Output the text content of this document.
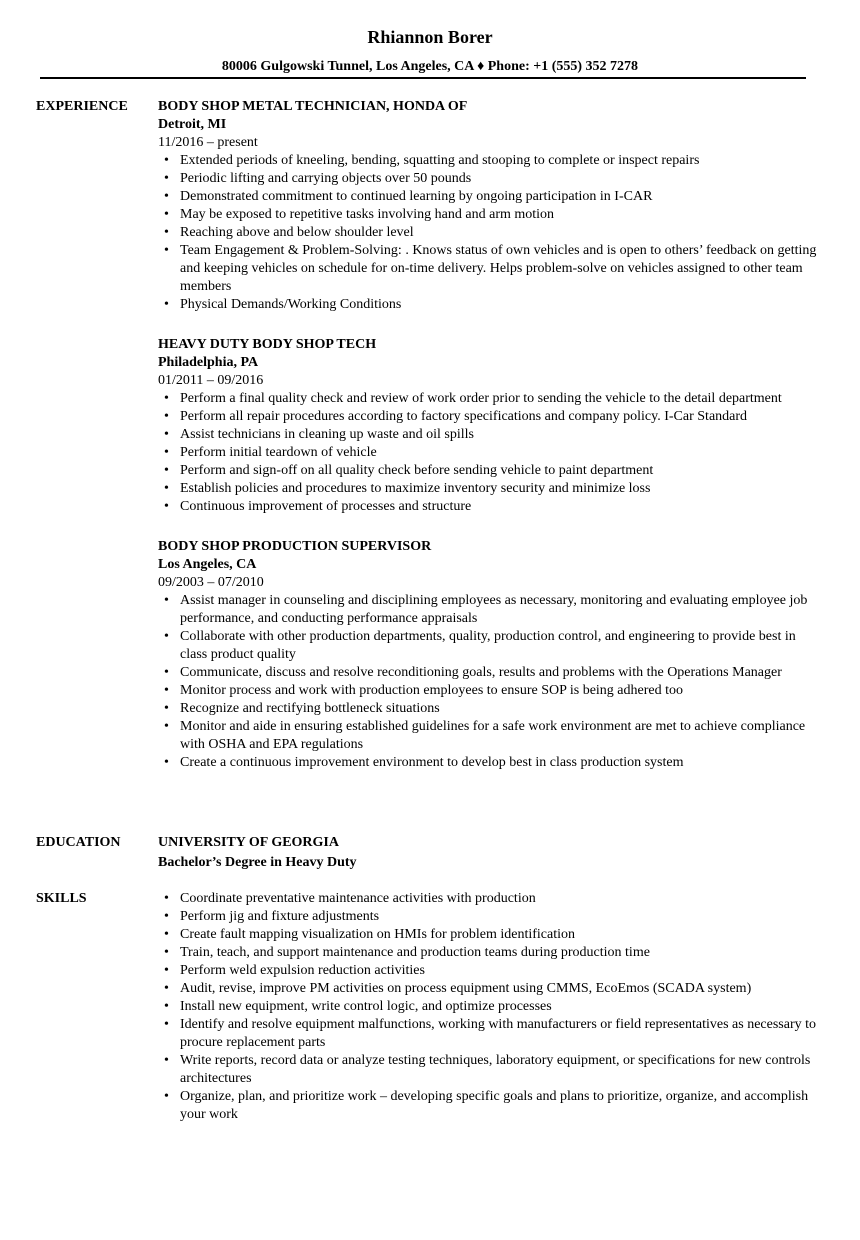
Rhiannon Borer
80006 Gulgowski Tunnel, Los Angeles, CA ♦ Phone: +1 (555) 352 7278
EXPERIENCE BODY SHOP METAL TECHNICIAN, HONDA OF
Detroit, MI
11/2016 – present
• Extended periods of kneeling, bending, squatting and stooping to complete or inspect repairs
• Periodic lifting and carrying objects over 50 pounds
• Demonstrated commitment to continued learning by ongoing participation in I-CAR
• May be exposed to repetitive tasks involving hand and arm motion
• Reaching above and below shoulder level
• Team Engagement & Problem-Solving: . Knows status of own vehicles and is open to others’ feedback on getting and keeping vehicles on schedule for on-time delivery. Helps problem-solve on vehicles assigned to other team members
• Physical Demands/Working Conditions
HEAVY DUTY BODY SHOP TECH
Philadelphia, PA
01/2011 – 09/2016
• Perform a final quality check and review of work order prior to sending the vehicle to the detail department
• Perform all repair procedures according to factory specifications and company policy. I-Car Standard
• Assist technicians in cleaning up waste and oil spills
• Perform initial teardown of vehicle
• Perform and sign-off on all quality check before sending vehicle to paint department
• Establish policies and procedures to maximize inventory security and minimize loss
• Continuous improvement of processes and structure
BODY SHOP PRODUCTION SUPERVISOR
Los Angeles, CA
09/2003 – 07/2010
• Assist manager in counseling and disciplining employees as necessary, monitoring and evaluating employee job performance, and conducting performance appraisals
• Collaborate with other production departments, quality, production control, and engineering to provide best in class product quality
• Communicate, discuss and resolve reconditioning goals, results and problems with the Operations Manager
• Monitor process and work with production employees to ensure SOP is being adhered too
• Recognize and rectifying bottleneck situations
• Monitor and aide in ensuring established guidelines for a safe work environment are met to achieve compliance with OSHA and EPA regulations
• Create a continuous improvement environment to develop best in class production system
EDUCATION	UNIVERSITY OF GEORGIA
Bachelor’s Degree in Heavy Duty
SKILLS	• Coordinate preventative maintenance activities with production
• Perform jig and fixture adjustments
• Create fault mapping visualization on HMIs for problem identification
• Train, teach, and support maintenance and production teams during production time
• Perform weld expulsion reduction activities
• Audit, revise, improve PM activities on process equipment using CMMS, EcoEmos (SCADA system)
• Install new equipment, write control logic, and optimize processes
• Identify and resolve equipment malfunctions, working with manufacturers or field representatives as necessary to procure replacement parts
• Write reports, record data or analyze testing techniques, laboratory equipment, or specifications for new controls architectures
• Organize, plan, and prioritize work – developing specific goals and plans to prioritize, organize, and accomplish your work
